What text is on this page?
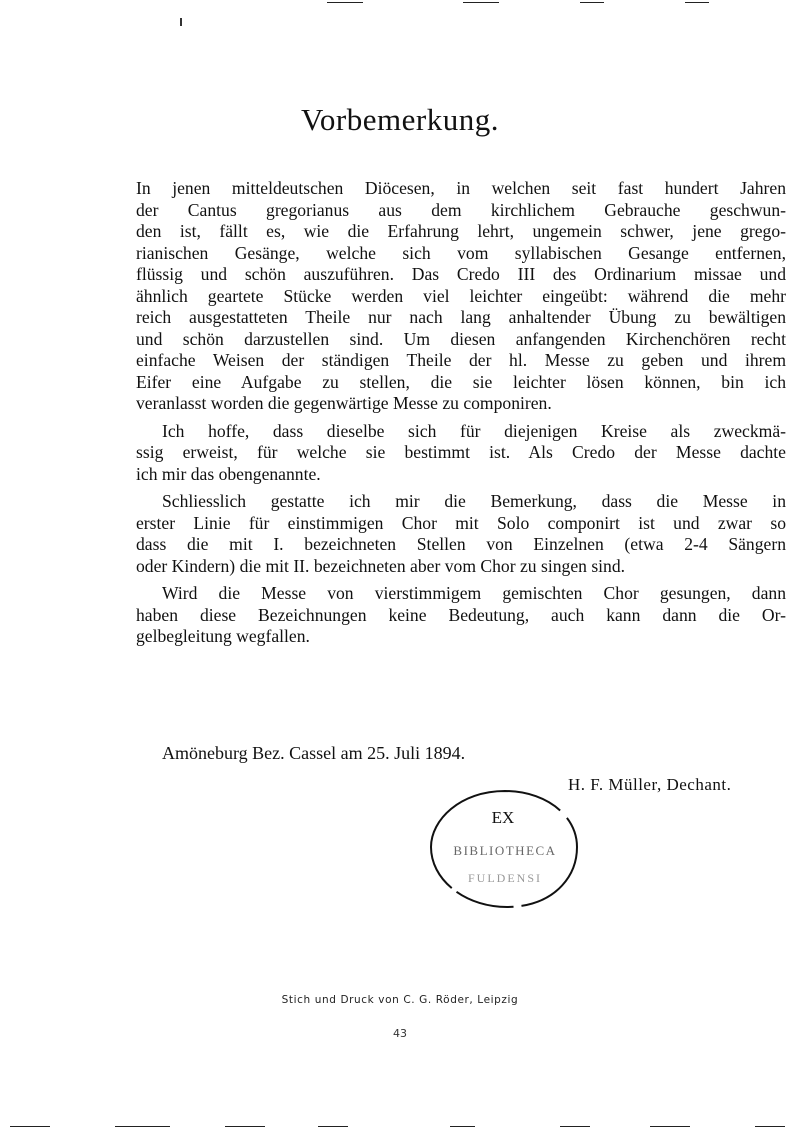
Vorbemerkung.
In jenen mitteldeutschen Diöcesen, in welchen seit fast hundert Jahren
der Cantus gregorianus aus dem kirchlichem Gebrauche geschwun-
den ist, fällt es, wie die Erfahrung lehrt, ungemein schwer, jene grego-
rianischen Gesänge, welche sich vom syllabischen Gesange entfernen,
flüssig und schön auszuführen. Das Credo III des Ordinarium missae und
ähnlich geartete Stücke werden viel leichter eingeübt: während die mehr
reich ausgestatteten Theile nur nach lang anhaltender Übung zu bewältigen
und schön darzustellen sind. Um diesen anfangenden Kirchenchören recht
einfache Weisen der ständigen Theile der hl. Messe zu geben und ihrem
Eifer eine Aufgabe zu stellen, die sie leichter lösen können, bin ich
veranlasst worden die gegenwärtige Messe zu componiren.
Ich hoffe, dass dieselbe sich für diejenigen Kreise als zweckmä-
ssig erweist, für welche sie bestimmt ist. Als Credo der Messe dachte
ich mir das obengenannte.
Schliesslich gestatte ich mir die Bemerkung, dass die Messe in
erster Linie für einstimmigen Chor mit Solo componirt ist und zwar so
dass die mit I. bezeichneten Stellen von Einzelnen (etwa 2-4 Sängern
oder Kindern) die mit II. bezeichneten aber vom Chor zu singen sind.
Wird die Messe von vierstimmigem gemischten Chor gesungen, dann
haben diese Bezeichnungen keine Bedeutung, auch kann dann die Or-
gelbegleitung wegfallen.
Amöneburg Bez. Cassel am 25. Juli 1894.
H. F. Müller, Dechant.
EX
BIBLIOTHECA
FULDENSI
Stich und Druck von C. G. Röder, Leipzig
43
